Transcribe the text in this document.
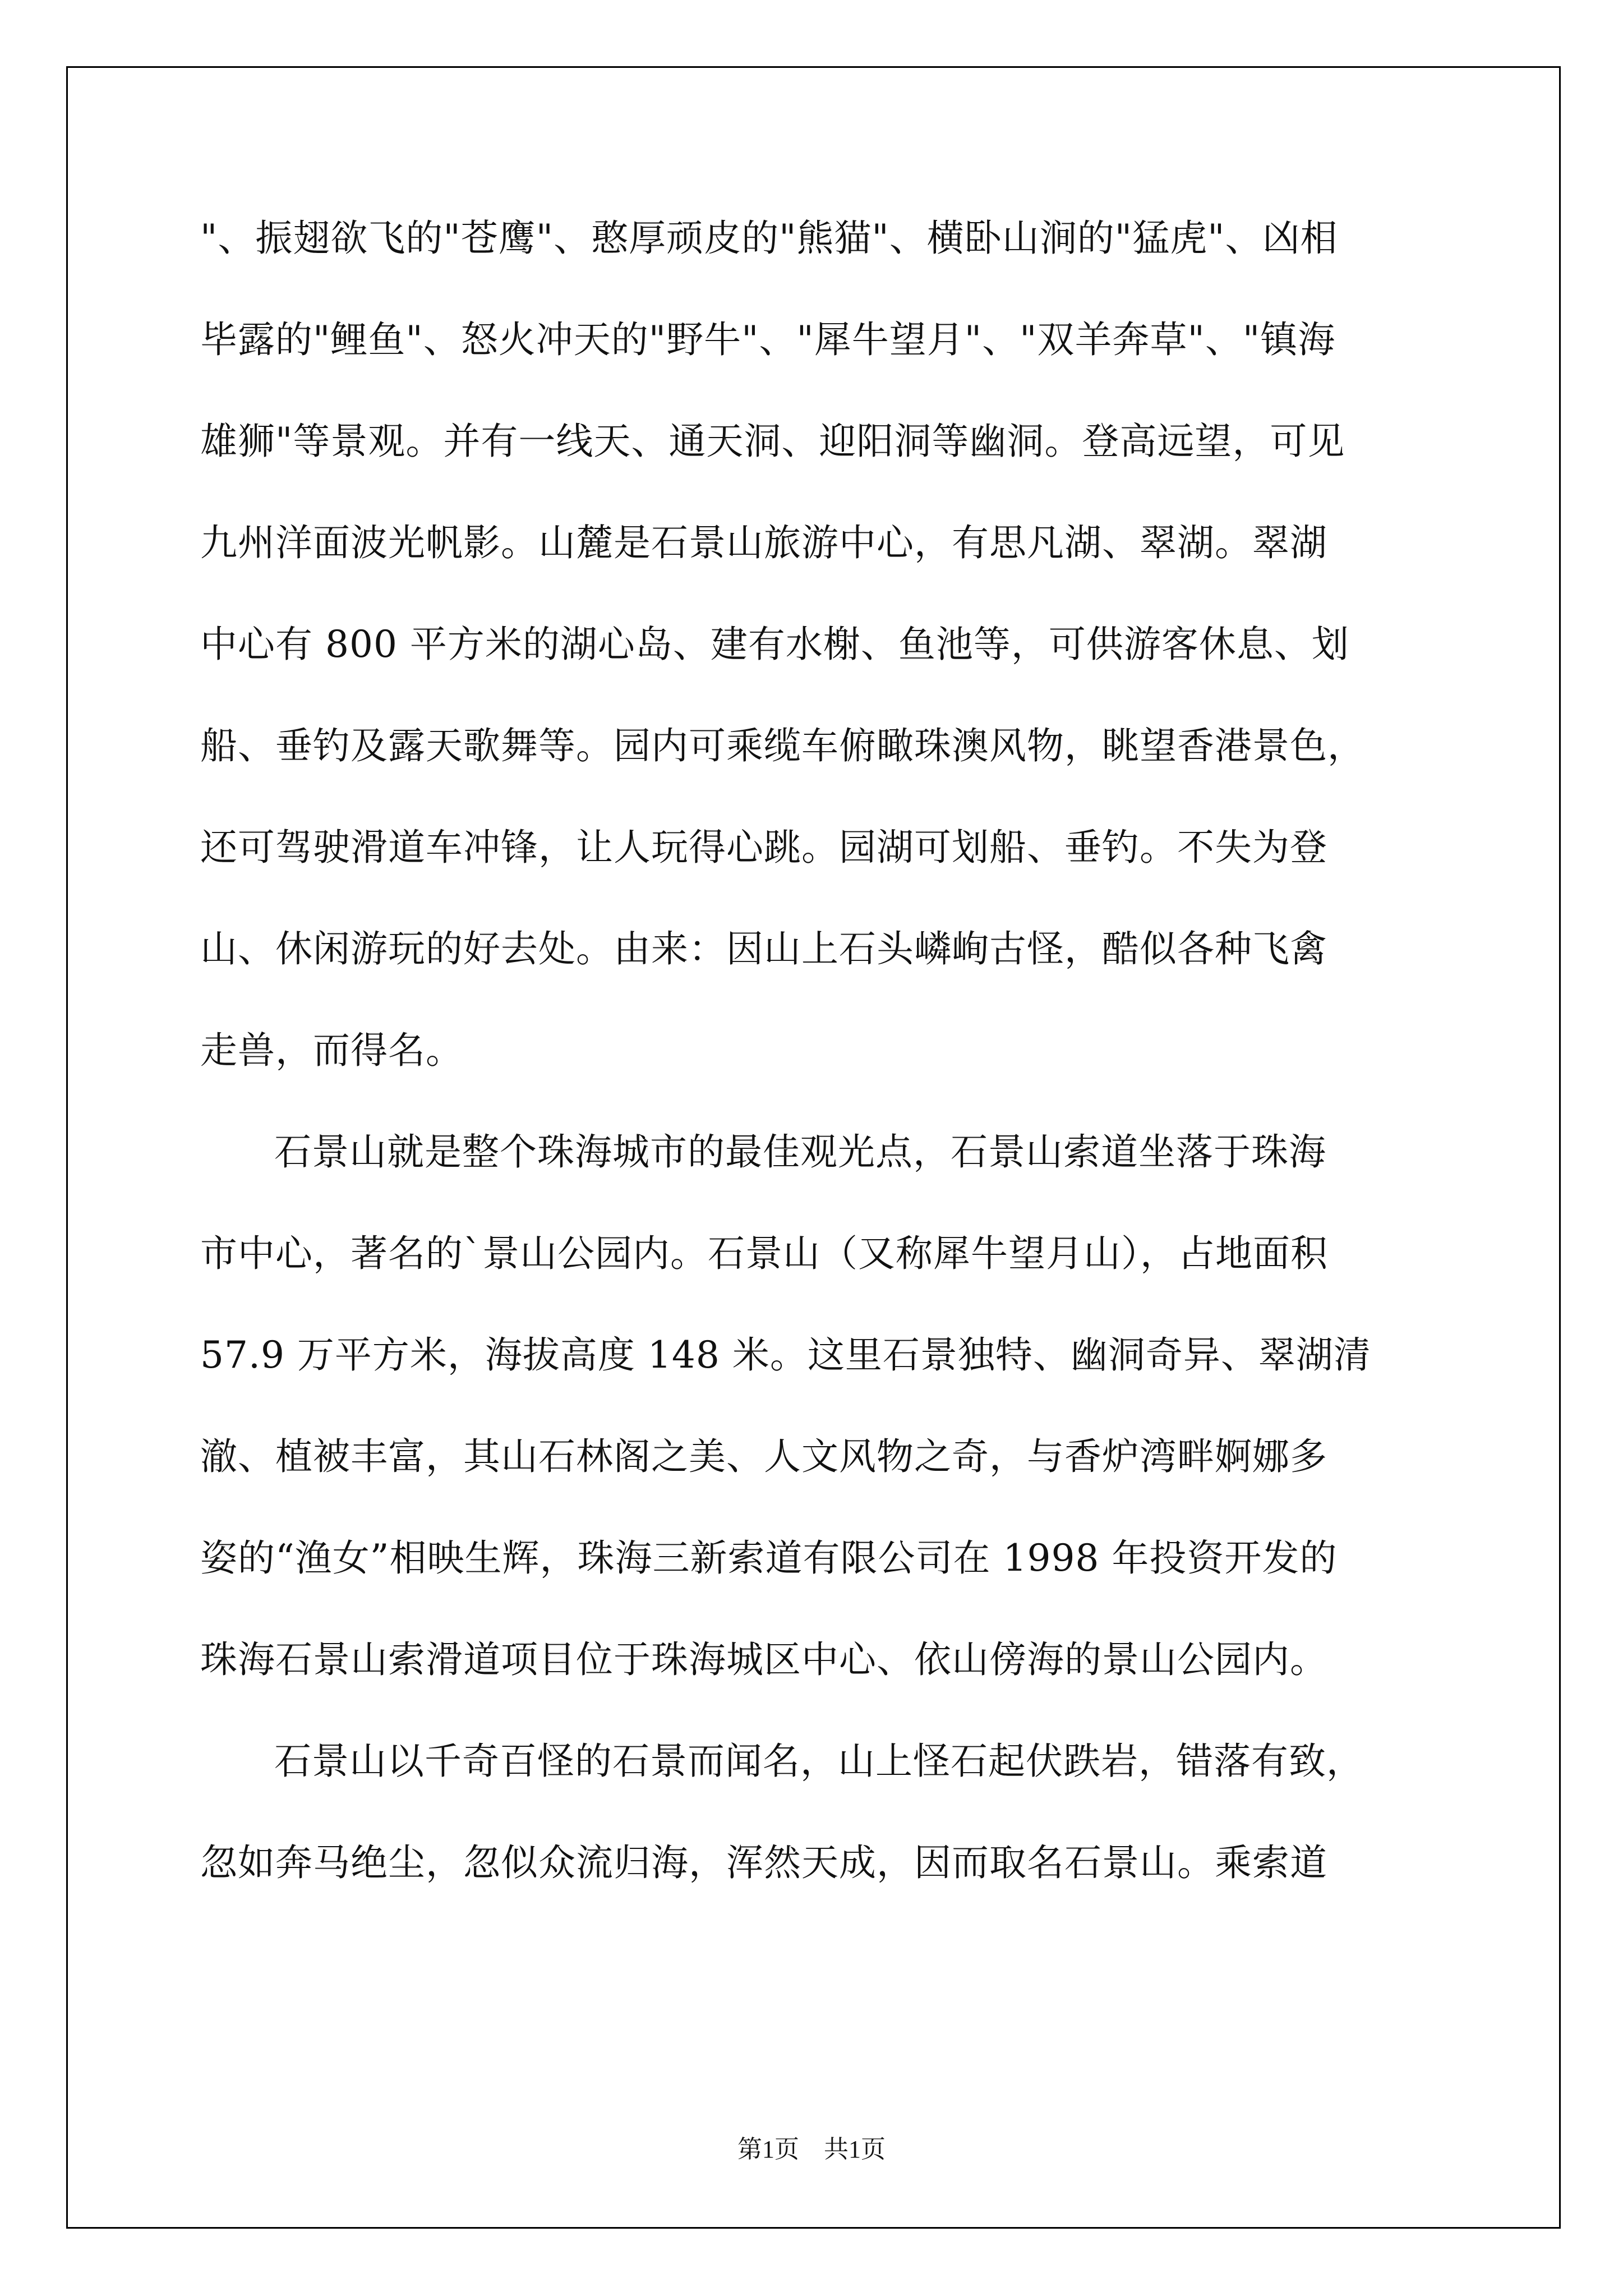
"、振翅欲飞的"苍鹰"、憨厚顽皮的"熊猫"、横卧山涧的"猛虎"、凶相
毕露的"鲤鱼"、怒火冲天的"野牛"、"犀牛望月"、"双羊奔草"、"镇海
雄狮"等景观。并有一线天、通天洞、迎阳洞等幽洞。登高远望，可见
九州洋面波光帆影。山麓是石景山旅游中心，有思凡湖、翠湖。翠湖
中心有 800 平方米的湖心岛、建有水榭、鱼池等，可供游客休息、划
船、垂钓及露天歌舞等。园内可乘缆车俯瞰珠澳风物，眺望香港景色，
还可驾驶滑道车冲锋，让人玩得心跳。园湖可划船、垂钓。不失为登
山、休闲游玩的好去处。由来：因山上石头嶙峋古怪，酷似各种飞禽
走兽，而得名。
石景山就是整个珠海城市的最佳观光点，石景山索道坐落于珠海
市中心，著名的`景山公园内。石景山（又称犀牛望月山），占地面积
57.9 万平方米，海拔高度 148 米。这里石景独特、幽洞奇异、翠湖清
澈、植被丰富，其山石林阁之美、人文风物之奇，与香炉湾畔婀娜多
姿的“渔女”相映生辉，珠海三新索道有限公司在 1998 年投资开发的
珠海石景山索滑道项目位于珠海城区中心、依山傍海的景山公园内。
石景山以千奇百怪的石景而闻名，山上怪石起伏跌岩，错落有致，
忽如奔马绝尘，忽似众流归海，浑然天成，因而取名石景山。乘索道
第1页　共1页
